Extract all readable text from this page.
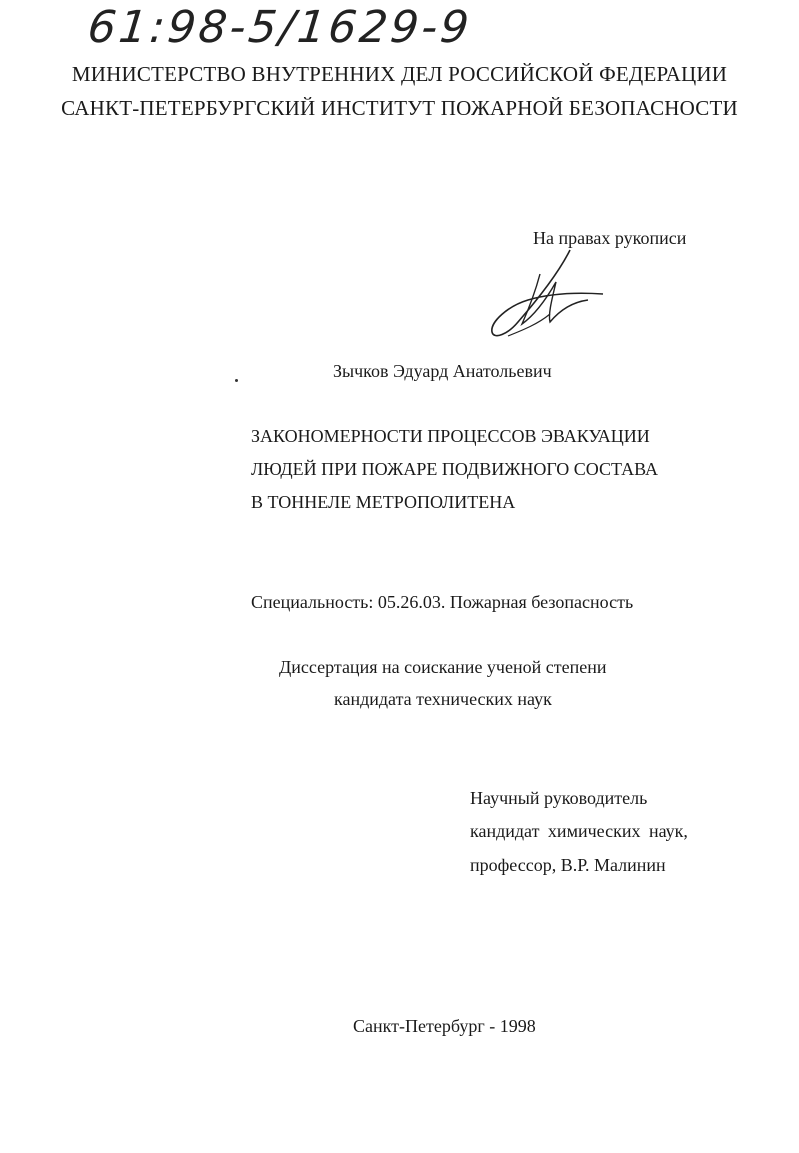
61:98-5/1629-9
МИНИСТЕРСТВО ВНУТРЕННИХ ДЕЛ РОССИЙСКОЙ ФЕДЕРАЦИИ
САНКТ-ПЕТЕРБУРГСКИЙ ИНСТИТУТ ПОЖАРНОЙ БЕЗОПАСНОСТИ
На правах рукописи
Зычков Эдуард Анатольевич
ЗАКОНОМЕРНОСТИ ПРОЦЕССОВ ЭВАКУАЦИИ
ЛЮДЕЙ ПРИ ПОЖАРЕ ПОДВИЖНОГО СОСТАВА
В ТОННЕЛЕ МЕТРОПОЛИТЕНА
Специальность: 05.26.03. Пожарная безопасность
Диссертация на соискание ученой степени
кандидата технических наук
Научный руководитель
кандидат химических наук,
профессор, В.Р. Малинин
Санкт-Петербург - 1998
